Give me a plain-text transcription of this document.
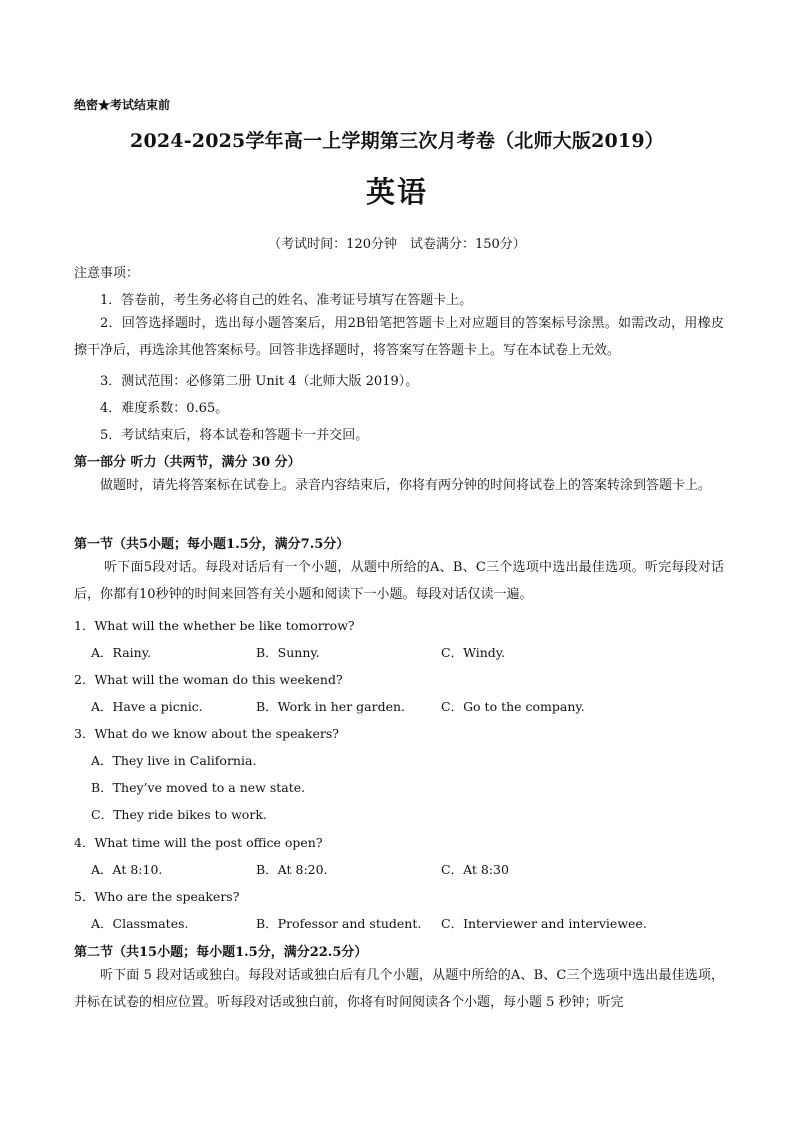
绝密★考试结束前
2024-2025学年高一上学期第三次月考卷（北师大版2019）
英语
（考试时间：120分钟　试卷满分：150分）
注意事项：
1．答卷前，考生务必将自己的姓名、准考证号填写在答题卡上。
2．回答选择题时，选出每小题答案后，用2B铅笔把答题卡上对应题目的答案标号涂黑。如需改动，用橡皮擦干净后，再选涂其他答案标号。回答非选择题时，将答案写在答题卡上。写在本试卷上无效。
3．测试范围：必修第二册 Unit 4（北师大版 2019）。
4．难度系数：0.65。
5．考试结束后，将本试卷和答题卡一并交回。
第一部分 听力（共两节，满分 30 分）
做题时，请先将答案标在试卷上。录音内容结束后，你将有两分钟的时间将试卷上的答案转涂到答题卡上。
第一节（共5小题；每小题1.5分，满分7.5分）
听下面5段对话。每段对话后有一个小题，从题中所给的A、B、C三个选项中选出最佳选项。听完每段对话后，你都有10秒钟的时间来回答有关小题和阅读下一小题。每段对话仅读一遍。
1．What will the whether be like tomorrow?
A．Rainy.	B．Sunny.	C．Windy.
2．What will the woman do this weekend?
A．Have a picnic.	B．Work in her garden.	C．Go to the company.
3．What do we know about the speakers?
A．They live in California.
B．They’ve moved to a new state.
C．They ride bikes to work.
4．What time will the post office open?
A．At 8:10.	B．At 8:20.	C．At 8:30
5．Who are the speakers?
A．Classmates.	B．Professor and student. C．Interviewer and interviewee.
第二节（共15小题；每小题1.5分，满分22.5分）
听下面 5 段对话或独白。每段对话或独白后有几个小题，从题中所给的A、B、C三个选项中选出最佳选项，并标在试卷的相应位置。听每段对话或独白前，你将有时间阅读各个小题，每小题 5 秒钟；听完
